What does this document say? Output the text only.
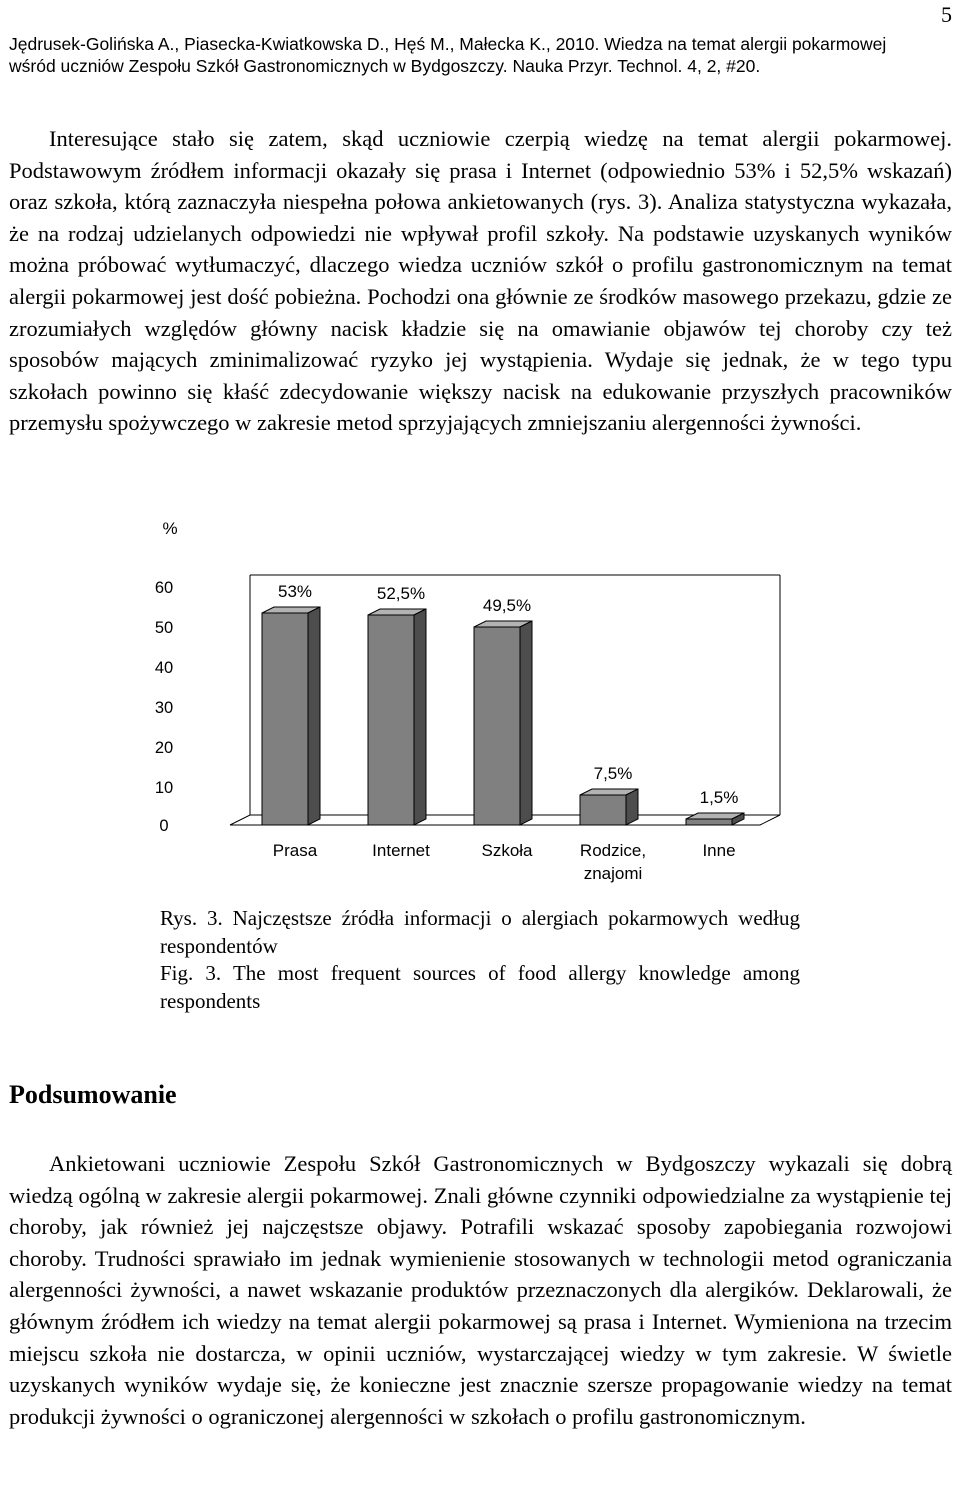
5
Jędrusek-Golińska A., Piasecka-Kwiatkowska D., Hęś M., Małecka K., 2010. Wiedza na temat alergii pokarmowej
wśród uczniów Zespołu Szkół Gastronomicznych w Bydgoszczy. Nauka Przyr. Technol. 4, 2, #20.

Interesujące stało się zatem, skąd uczniowie czerpią wiedzę na temat alergii pokarmowej. Podstawowym źródłem informacji okazały się prasa i Internet (odpowiednio 53% i 52,5% wskazań) oraz szkoła, którą zaznaczyła niespełna połowa ankietowanych (rys. 3). Analiza statystyczna wykazała, że na rodzaj udzielanych odpowiedzi nie wpływał profil szkoły. Na podstawie uzyskanych wyników można próbować wytłumaczyć, dlaczego wiedza uczniów szkół o profilu gastronomicznym na temat alergii pokarmowej jest dość pobieżna. Pochodzi ona głównie ze środków masowego przekazu, gdzie ze zrozumiałych względów główny nacisk kładzie się na omawianie objawów tej choroby czy też sposobów mających zminimalizować ryzyko jej wystąpienia. Wydaje się jednak, że w tego typu szkołach powinno się kłaść zdecydowanie większy nacisk na edukowanie przyszłych pracowników przemysłu spożywczego w zakresie metod sprzyjających zmniejszaniu alergenności żywności.

%
0
10
20
30
40
50
60	53%	52,5%
49,5%
7,5%
1,5%
Prasa	Internet	Szkoła	Rodzice,
znajomi
Inne
Rys. 3. Najczęstsze źródła informacji o alergiach pokarmowych według respondentów
Fig. 3. The most frequent sources of food allergy knowledge among respondents
Podsumowanie

Ankietowani uczniowie Zespołu Szkół Gastronomicznych w Bydgoszczy wykazali się dobrą wiedzą ogólną w zakresie alergii pokarmowej. Znali główne czynniki odpowiedzialne za wystąpienie tej choroby, jak również jej najczęstsze objawy. Potrafili wskazać sposoby zapobiegania rozwojowi choroby. Trudności sprawiało im jednak wymienienie stosowanych w technologii metod ograniczania alergenności żywności, a nawet wskazanie produktów przeznaczonych dla alergików. Deklarowali, że głównym źródłem ich wiedzy na temat alergii pokarmowej są prasa i Internet. Wymieniona na trzecim miejscu szkoła nie dostarcza, w opinii uczniów, wystarczającej wiedzy w tym zakresie. W świetle uzyskanych wyników wydaje się, że konieczne jest znacznie szersze propagowanie wiedzy na temat produkcji żywności o ograniczonej alergenności w szkołach o profilu gastronomicznym.
